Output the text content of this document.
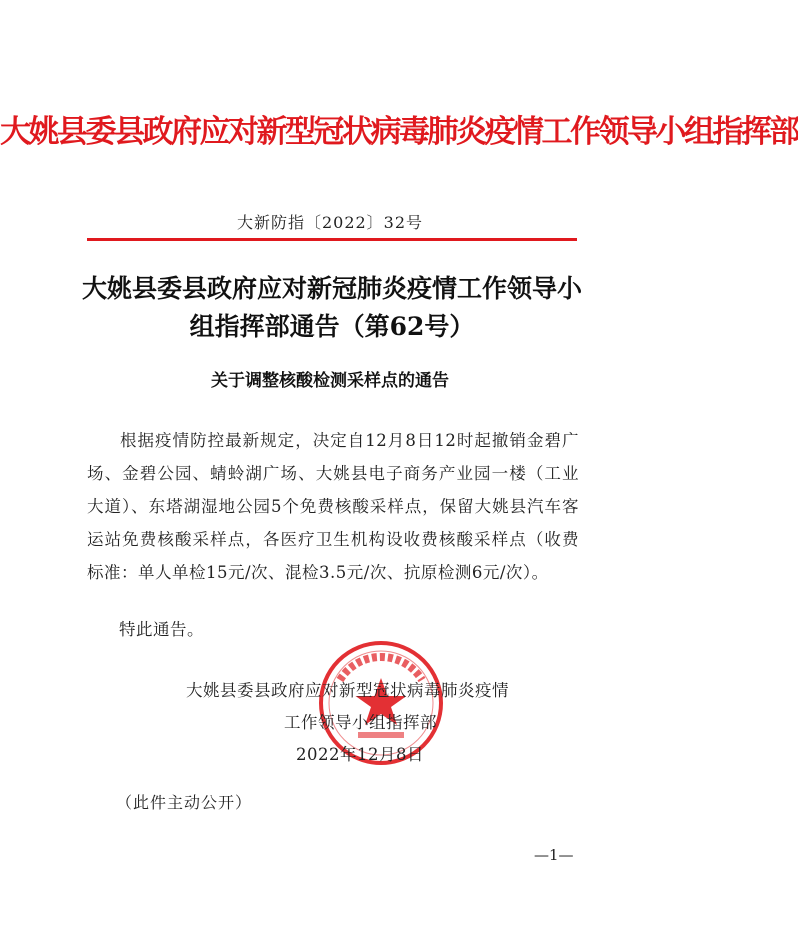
大姚县委县政府应对新型冠状病毒肺炎疫情工作领导小组指挥部
大新防指〔2022〕32号
大姚县委县政府应对新冠肺炎疫情工作领导小组指挥部通告（第62号）
关于调整核酸检测采样点的通告

根据疫情防控最新规定，决定自12月8日12时起撤销金碧广场、金碧公园、蜻蛉湖广场、大姚县电子商务产业园一楼（工业大道）、东塔湖湿地公园5个免费核酸采样点，保留大姚县汽车客运站免费核酸采样点，各医疗卫生机构设收费核酸采样点（收费标准：单人单检15元/次、混检3.5元/次、抗原检测6元/次）。

特此通告。
大姚县委县政府应对新型冠状病毒肺炎疫情
工作领导小组指挥部
2022年12月8日
（此件主动公开）
—1—
